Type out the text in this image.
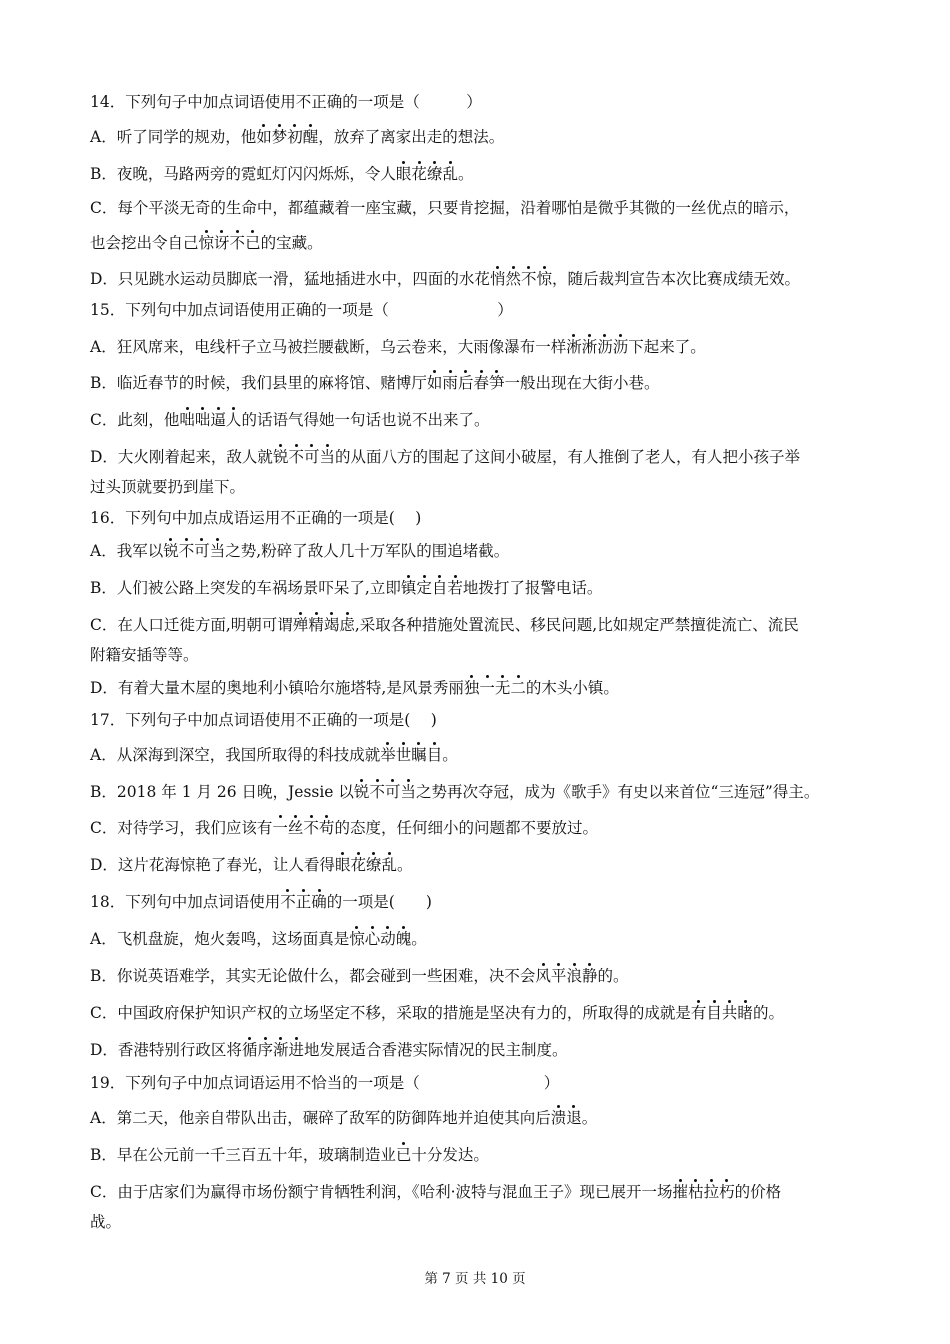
14．下列句子中加点词语使用不正确的一项是（　　　）
A．听了同学的规劝，他如梦初醒，放弃了离家出走的想法。
B．夜晚，马路两旁的霓虹灯闪闪烁烁，令人眼花缭乱。
C．每个平淡无奇的生命中，都蕴藏着一座宝藏，只要肯挖掘，沿着哪怕是微乎其微的一丝优点的暗示，
也会挖出令自己惊讶不已的宝藏。
D．只见跳水运动员脚底一滑，猛地插进水中，四面的水花悄然不惊，随后裁判宣告本次比赛成绩无效。
15．下列句中加点词语使用正确的一项是（　　　　　　　）
A．狂风席来，电线杆子立马被拦腰截断，乌云卷来，大雨像瀑布一样淅淅沥沥下起来了。
B．临近春节的时候，我们县里的麻将馆、赌博厅如雨后春笋一般出现在大街小巷。
C．此刻，他咄咄逼人的话语气得她一句话也说不出来了。
D．大火刚着起来，敌人就锐不可当的从面八方的围起了这间小破屋，有人推倒了老人，有人把小孩子举
过头顶就要扔到崖下。
16．下列句中加点成语运用不正确的一项是(　 )
A．我军以锐不可当之势,粉碎了敌人几十万军队的围追堵截。
B．人们被公路上突发的车祸场景吓呆了,立即镇定自若地拨打了报警电话。
C．在人口迁徙方面,明朝可谓殚精竭虑,采取各种措施处置流民、移民问题,比如规定严禁擅徙流亡、流民
附籍安插等等。
D．有着大量木屋的奥地利小镇哈尔施塔特,是风景秀丽独一无二的木头小镇。
17．下列句子中加点词语使用不正确的一项是(　 )
A．从深海到深空，我国所取得的科技成就举世瞩目。
B．2018 年 1 月 26 日晚，Jessie 以锐不可当之势再次夺冠，成为《歌手》有史以来首位“三连冠”得主。
C．对待学习，我们应该有一丝不苟的态度，任何细小的问题都不要放过。
D．这片花海惊艳了春光，让人看得眼花缭乱。
18．下列句中加点词语使用不正确的一项是(　　)
A．飞机盘旋，炮火轰鸣，这场面真是惊心动魄。
B．你说英语难学，其实无论做什么，都会碰到一些困难，决不会风平浪静的。
C．中国政府保护知识产权的立场坚定不移，采取的措施是坚决有力的，所取得的成就是有目共睹的。
D．香港特别行政区将循序渐进地发展适合香港实际情况的民主制度。
19．下列句子中加点词语运用不恰当的一项是（　　　　　　　　）
A．第二天，他亲自带队出击，碾碎了敌军的防御阵地并迫使其向后溃退。
B．早在公元前一千三百五十年，玻璃制造业已十分发达。
C．由于店家们为赢得市场份额宁肯牺牲利润，《哈利·波特与混血王子》现已展开一场摧枯拉朽的价格
战。
第 7 页 共 10 页
